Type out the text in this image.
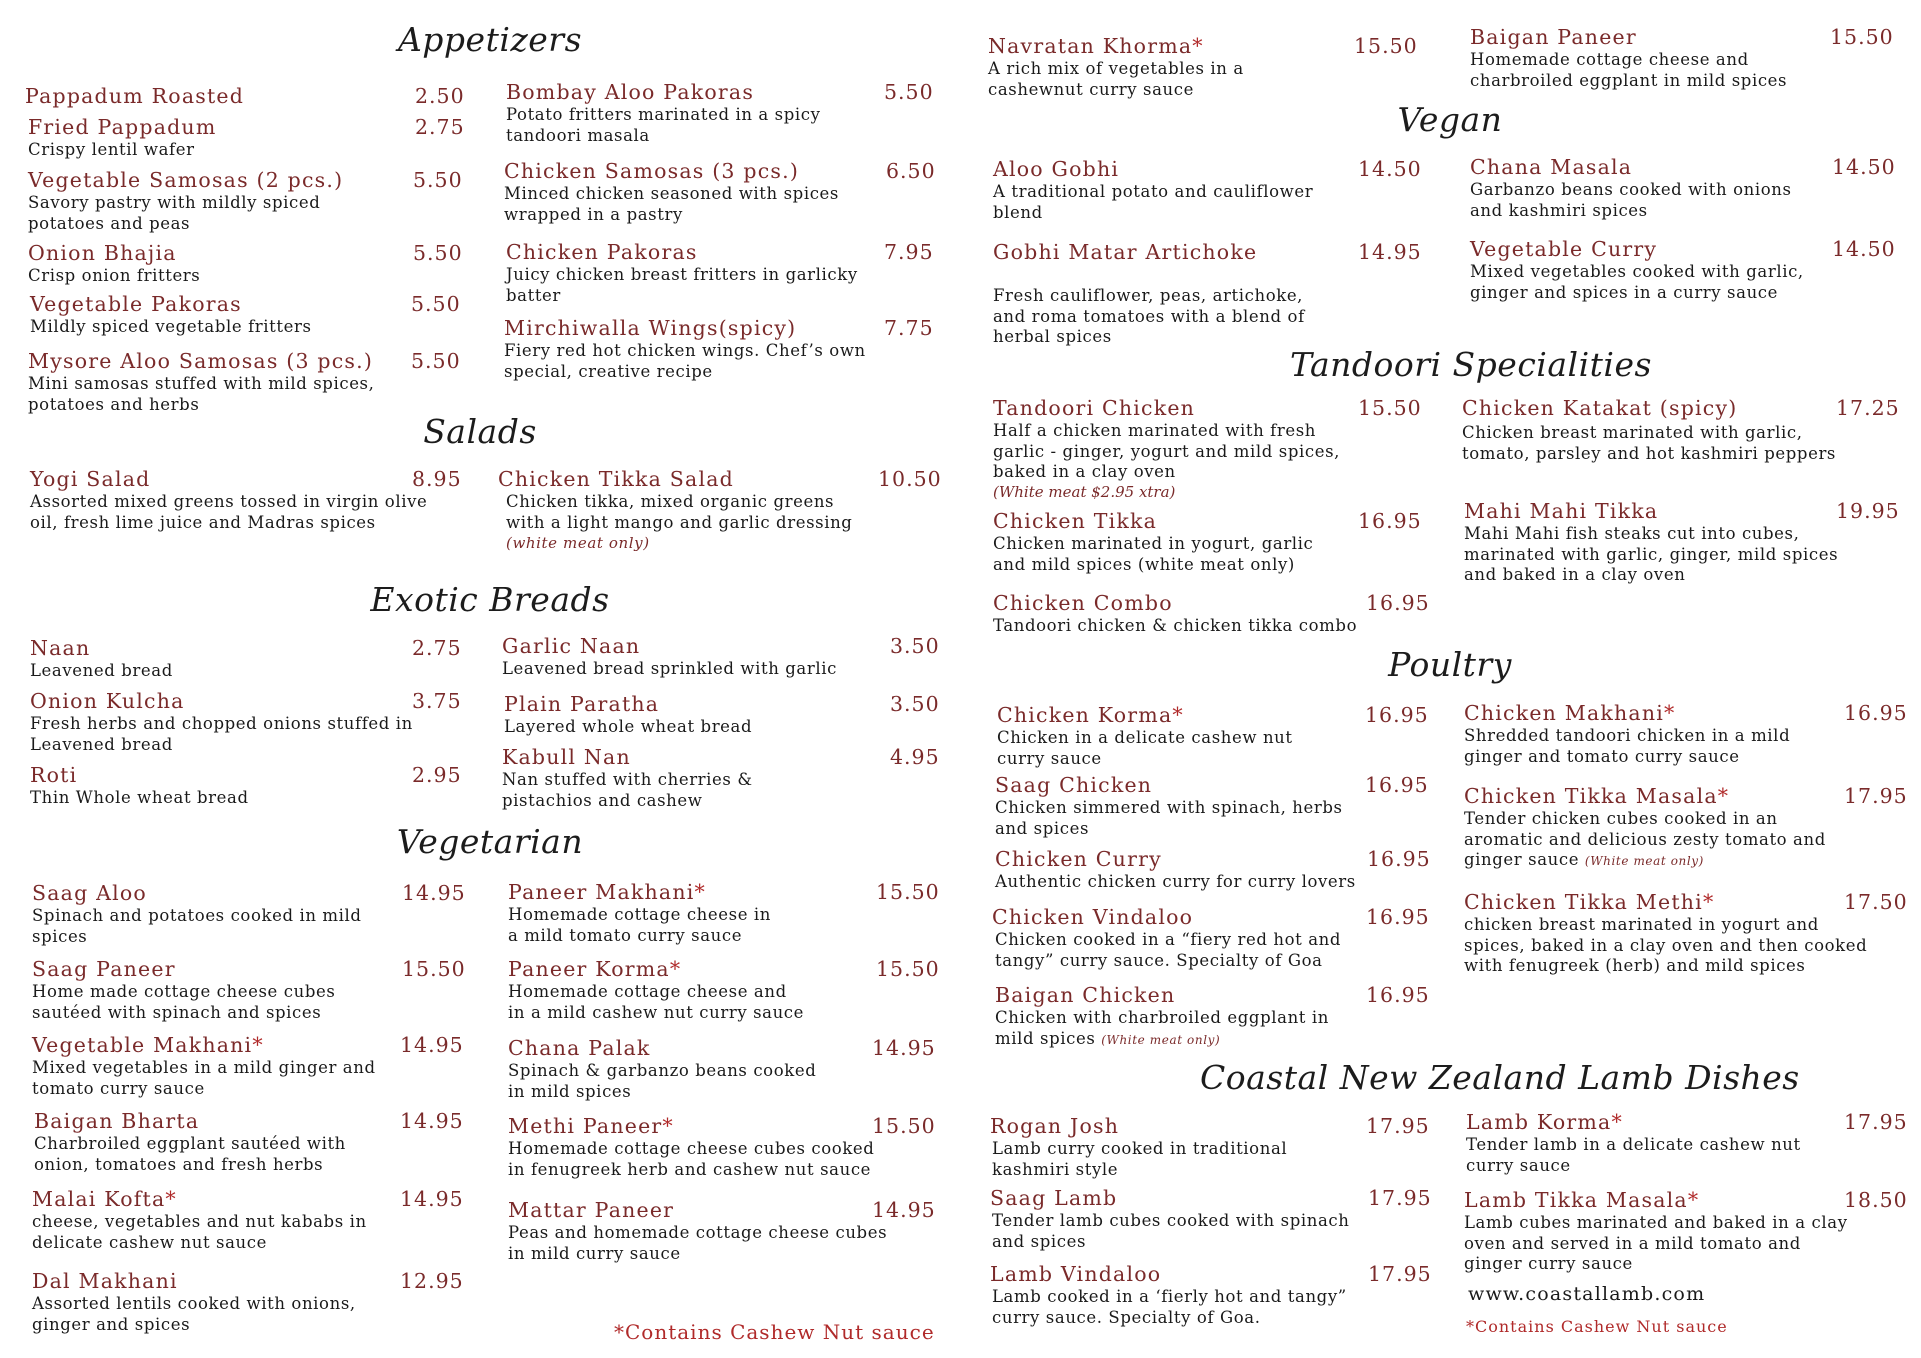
Appetizers
Salads
Exotic Breads
Vegetarian
Vegan
Tandoori Specialities
Poultry
Coastal New Zealand Lamb Dishes
Pappadum Roasted	2.50
Fried Pappadum	2.75
Crispy lentil wafer
Vegetable Samosas (2 pcs.)	5.50
Savory pastry with mildly spiced potatoes and peas
Onion Bhajia	5.50
Crisp onion fritters
Vegetable Pakoras	5.50
Mildly spiced vegetable fritters
Mysore Aloo Samosas (3 pcs.)	5.50
Mini samosas stuffed with mild spices, potatoes and herbs
Bombay Aloo Pakoras	5.50
Potato fritters marinated in a spicy tandoori masala
Chicken Samosas (3 pcs.)	6.50
Minced chicken seasoned with spices wrapped in a pastry
Chicken Pakoras	7.95
Juicy chicken breast fritters in garlicky batter
Mirchiwalla Wings(spicy)	7.75
Fiery red hot chicken wings. Chef’s own special, creative recipe
Yogi Salad	8.95
Assorted mixed greens tossed in virgin olive oil, fresh lime juice and Madras spices
Chicken Tikka Salad	10.50
Chicken tikka, mixed organic greens with a light mango and garlic dressing (white meat only)
Naan	2.75
Leavened bread
Onion Kulcha	3.75
Fresh herbs and chopped onions stuffed in Leavened bread
Roti	2.95
Thin Whole wheat bread
Garlic Naan	3.50
Leavened bread sprinkled with garlic
Plain Paratha	3.50
Layered whole wheat bread
Kabull Nan	4.95
Nan stuffed with cherries & pistachios and cashew
Saag Aloo	14.95
Spinach and potatoes cooked in mild spices
Saag Paneer	15.50
Home made cottage cheese cubes sautéed with spinach and spices
Vegetable Makhani*	14.95
Mixed vegetables in a mild ginger and tomato curry sauce
Baigan Bharta	14.95
Charbroiled eggplant sautéed with onion, tomatoes and fresh herbs
Malai Kofta*	14.95
cheese, vegetables and nut kababs in delicate cashew nut sauce
Dal Makhani	12.95
Assorted lentils cooked with onions, ginger and spices
Paneer Makhani*	15.50
Homemade cottage cheese in a mild tomato curry sauce
Paneer Korma*	15.50
Homemade cottage cheese and in a mild cashew nut curry sauce
Chana Palak	14.95
Spinach & garbanzo beans cooked in mild spices
Methi Paneer*	15.50
Homemade cottage cheese cubes cooked in fenugreek herb and cashew nut sauce
Mattar Paneer	14.95
Peas and homemade cottage cheese cubes in mild curry sauce
*Contains Cashew Nut sauce
Navratan Khorma*	15.50
A rich mix of vegetables in a cashewnut curry sauce
Baigan Paneer	15.50
Homemade cottage cheese and charbroiled eggplant in mild spices
Aloo Gobhi	14.50
A traditional potato and cauliflower blend
Gobhi Matar Artichoke	14.95
Fresh cauliflower, peas, artichoke, and roma tomatoes with a blend of herbal spices
Chana Masala	14.50
Garbanzo beans cooked with onions and kashmiri spices
Vegetable Curry	14.50
Mixed vegetables cooked with garlic, ginger and spices in a curry sauce
Tandoori Chicken	15.50
Half a chicken marinated with fresh garlic - ginger, yogurt and mild spices, baked in a clay oven
(White meat $2.95 xtra)
Chicken Tikka	16.95
Chicken marinated in yogurt, garlic and mild spices (white meat only)
Chicken Combo	16.95
Tandoori chicken & chicken tikka combo
Chicken Katakat (spicy)	17.25
Chicken breast marinated with garlic, tomato, parsley and hot kashmiri peppers
Mahi Mahi Tikka	19.95
Mahi Mahi fish steaks cut into cubes, marinated with garlic, ginger, mild spices and baked in a clay oven
Chicken Korma*	16.95
Chicken in a delicate cashew nut curry sauce
Saag Chicken	16.95
Chicken simmered with spinach, herbs and spices
Chicken Curry	16.95
Authentic chicken curry for curry lovers
Chicken Vindaloo	16.95
Chicken cooked in a “fiery red hot and tangy” curry sauce. Specialty of Goa
Baigan Chicken	16.95
Chicken with charbroiled eggplant in mild spices (White meat only)
Chicken Makhani*	16.95
Shredded tandoori chicken in a mild ginger and tomato curry sauce
Chicken Tikka Masala*	17.95
Tender chicken cubes cooked in an aromatic and delicious zesty tomato and ginger sauce (White meat only)
Chicken Tikka Methi*	17.50
chicken breast marinated in yogurt and spices, baked in a clay oven and then cooked with fenugreek (herb) and mild spices
Rogan Josh	17.95
Lamb curry cooked in traditional kashmiri style
Saag Lamb	17.95
Tender lamb cubes cooked with spinach and spices
Lamb Vindaloo	17.95
Lamb cooked in a ‘fierly hot and tangy” curry sauce. Specialty of Goa.
Lamb Korma*	17.95
Tender lamb in a delicate cashew nut curry sauce
Lamb Tikka Masala*	18.50
Lamb cubes marinated and baked in a clay oven and served in a mild tomato and ginger curry sauce
www.coastallamb.com
*Contains Cashew Nut sauce
